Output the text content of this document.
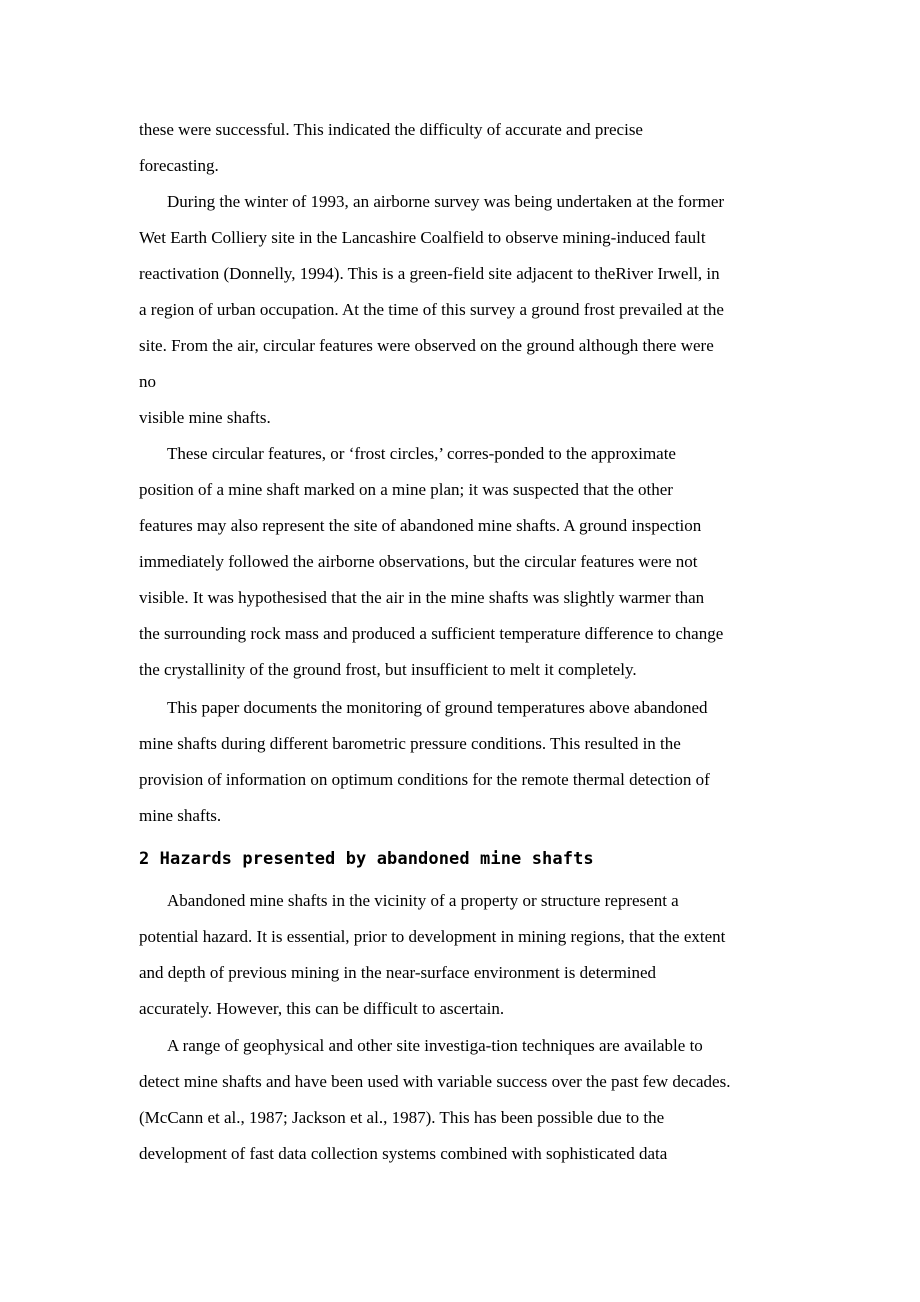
these were successful. This indicated the difficulty of accurate and precise
forecasting.
During the winter of 1993, an airborne survey was being undertaken at the former
Wet Earth Colliery site in the Lancashire Coalfield to observe mining-induced fault
reactivation (Donnelly, 1994). This is a green-field site adjacent to theRiver Irwell, in
a region of urban occupation. At the time of this survey a ground frost prevailed at the
site. From the air, circular features were observed on the ground although there were
no
visible mine shafts.
These circular features, or ‘frost circles,’ corres-ponded to the approximate
position of a mine shaft marked on a mine plan; it was suspected that the other
features may also represent the site of abandoned mine shafts. A ground inspection
immediately followed the airborne observations, but the circular features were not
visible. It was hypothesised that the air in the mine shafts was slightly warmer than
the surrounding rock mass and produced a sufficient temperature difference to change
the crystallinity of the ground frost, but insufficient to melt it completely.
This paper documents the monitoring of ground temperatures above abandoned
mine shafts during different barometric pressure conditions. This resulted in the
provision of information on optimum conditions for the remote thermal detection of
mine shafts.
2 Hazards presented by abandoned mine shafts
Abandoned mine shafts in the vicinity of a property or structure represent a
potential hazard. It is essential, prior to development in mining regions, that the extent
and depth of previous mining in the near-surface environment is determined
accurately. However, this can be difficult to ascertain.
A range of geophysical and other site investiga-tion techniques are available to
detect mine shafts and have been used with variable success over the past few decades.
(McCann et al., 1987; Jackson et al., 1987). This has been possible due to the
development of fast data collection systems combined with sophisticated data
